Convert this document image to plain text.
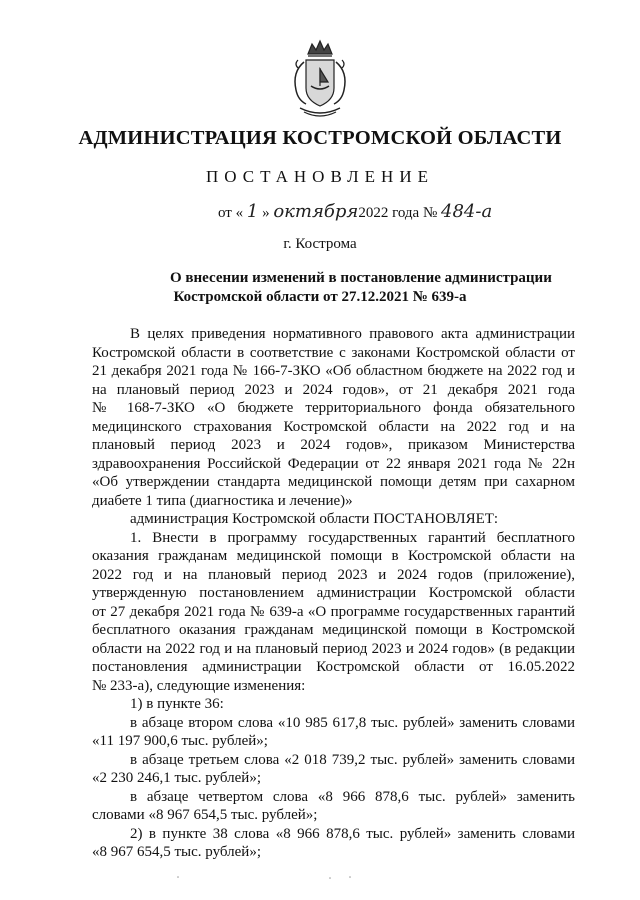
АДМИНИСТРАЦИЯ КОСТРОМСКОЙ ОБЛАСТИ
ПОСТАНОВЛЕНИЕ
от « 1 » октября2022 года № 484-а
г. Кострома
О внесении изменений в постановление администрации
Костромской области от 27.12.2021 № 639-а
В целях приведения нормативного правового акта администрации
Костромской области в соответствие с законами Костромской области от
21 декабря 2021 года № 166-7-ЗКО «Об областном бюджете на 2022 год и
на плановый период 2023 и 2024 годов», от 21 декабря 2021 года
№ 168-7-ЗКО «О бюджете территориального фонда обязательного
медицинского страхования Костромской области на 2022 год и на
плановый период 2023 и 2024 годов», приказом Министерства
здравоохранения Российской Федерации от 22 января 2021 года № 22н
«Об утверждении стандарта медицинской помощи детям при сахарном
диабете 1 типа (диагностика и лечение)»
администрация Костромской области ПОСТАНОВЛЯЕТ:
1. Внести в программу государственных гарантий бесплатного
оказания гражданам медицинской помощи в Костромской области на
2022 год и на плановый период 2023 и 2024 годов (приложение),
утвержденную постановлением администрации Костромской области
от 27 декабря 2021 года № 639-а «О программе государственных гарантий
бесплатного оказания гражданам медицинской помощи в Костромской
области на 2022 год и на плановый период 2023 и 2024 годов» (в редакции
постановления администрации Костромской области от 16.05.2022
№ 233-а), следующие изменения:
1) в пункте 36:
в абзаце втором слова «10 985 617,8 тыс. рублей» заменить словами
«11 197 900,6 тыс. рублей»;
в абзаце третьем слова «2 018 739,2 тыс. рублей» заменить словами
«2 230 246,1 тыс. рублей»;
в абзаце четвертом слова «8 966 878,6 тыс. рублей» заменить
словами «8 967 654,5 тыс. рублей»;
2) в пункте 38 слова «8 966 878,6 тыс. рублей» заменить словами
«8 967 654,5 тыс. рублей»;
